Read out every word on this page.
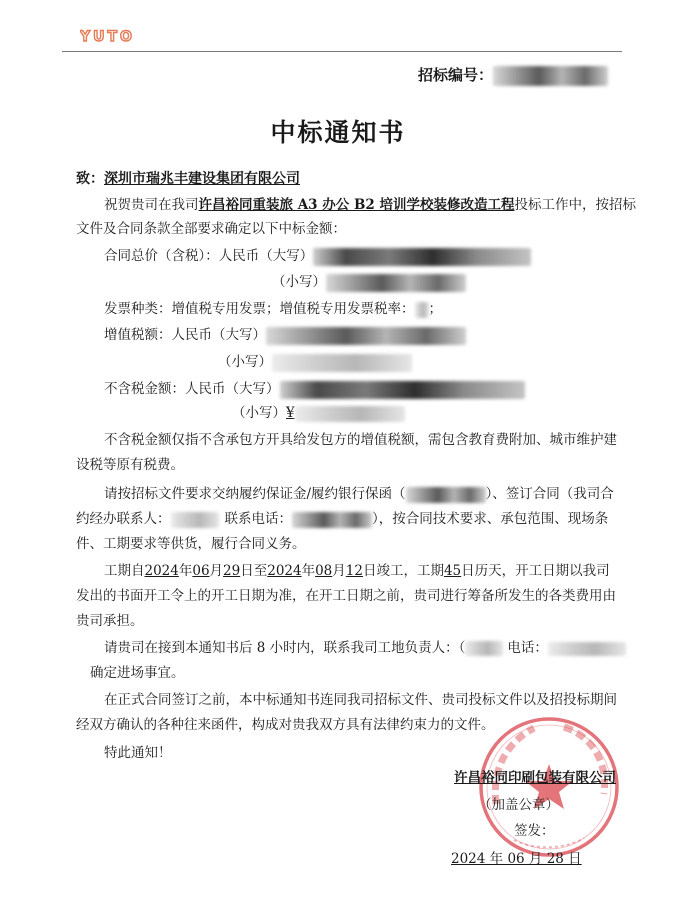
YUTO
招标编号：
中标通知书
致：深圳市瑞兆丰建设集团有限公司
祝贺贵司在我司许昌裕同重装旅 A3 办公 B2 培训学校装修改造工程投标工作中，按招标
文件及合同条款全部要求确定以下中标金额：
合同总价（含税）：人民币（大写）
（小写）
发票种类：增值税专用发票；增值税专用发票税率： ；
增值税额：人民币（大写）
（小写）
不含税金额：人民币（大写）
（小写）¥
不含税金额仅指不含承包方开具给发包方的增值税额，需包含教育费附加、城市维护建
设税等原有税费。
请按招标文件要求交纳履约保证金/履约银行保函（	）、签订合同（我司合
约经办联系人：	联系电话：	），按合同技术要求、承包范围、现场条
件、工期要求等供货，履行合同义务。
工期自2024年06月29日至2024年08月12日竣工，工期45日历天，开工日期以我司
发出的书面开工令上的开工日期为准，在开工日期之前，贵司进行筹备所发生的各类费用由
贵司承担。
请贵司在接到本通知书后 8 小时内，联系我司工地负责人：（	电话：
确定进场事宜。
在正式合同签订之前，本中标通知书连同我司招标文件、贵司投标文件以及招投标期间
经双方确认的各种往来函件，构成对贵我双方具有法律约束力的文件。
特此通知！
许昌裕同印刷包装有限公司
（加盖公章）
签发：
2024 年 06 月 28 日
